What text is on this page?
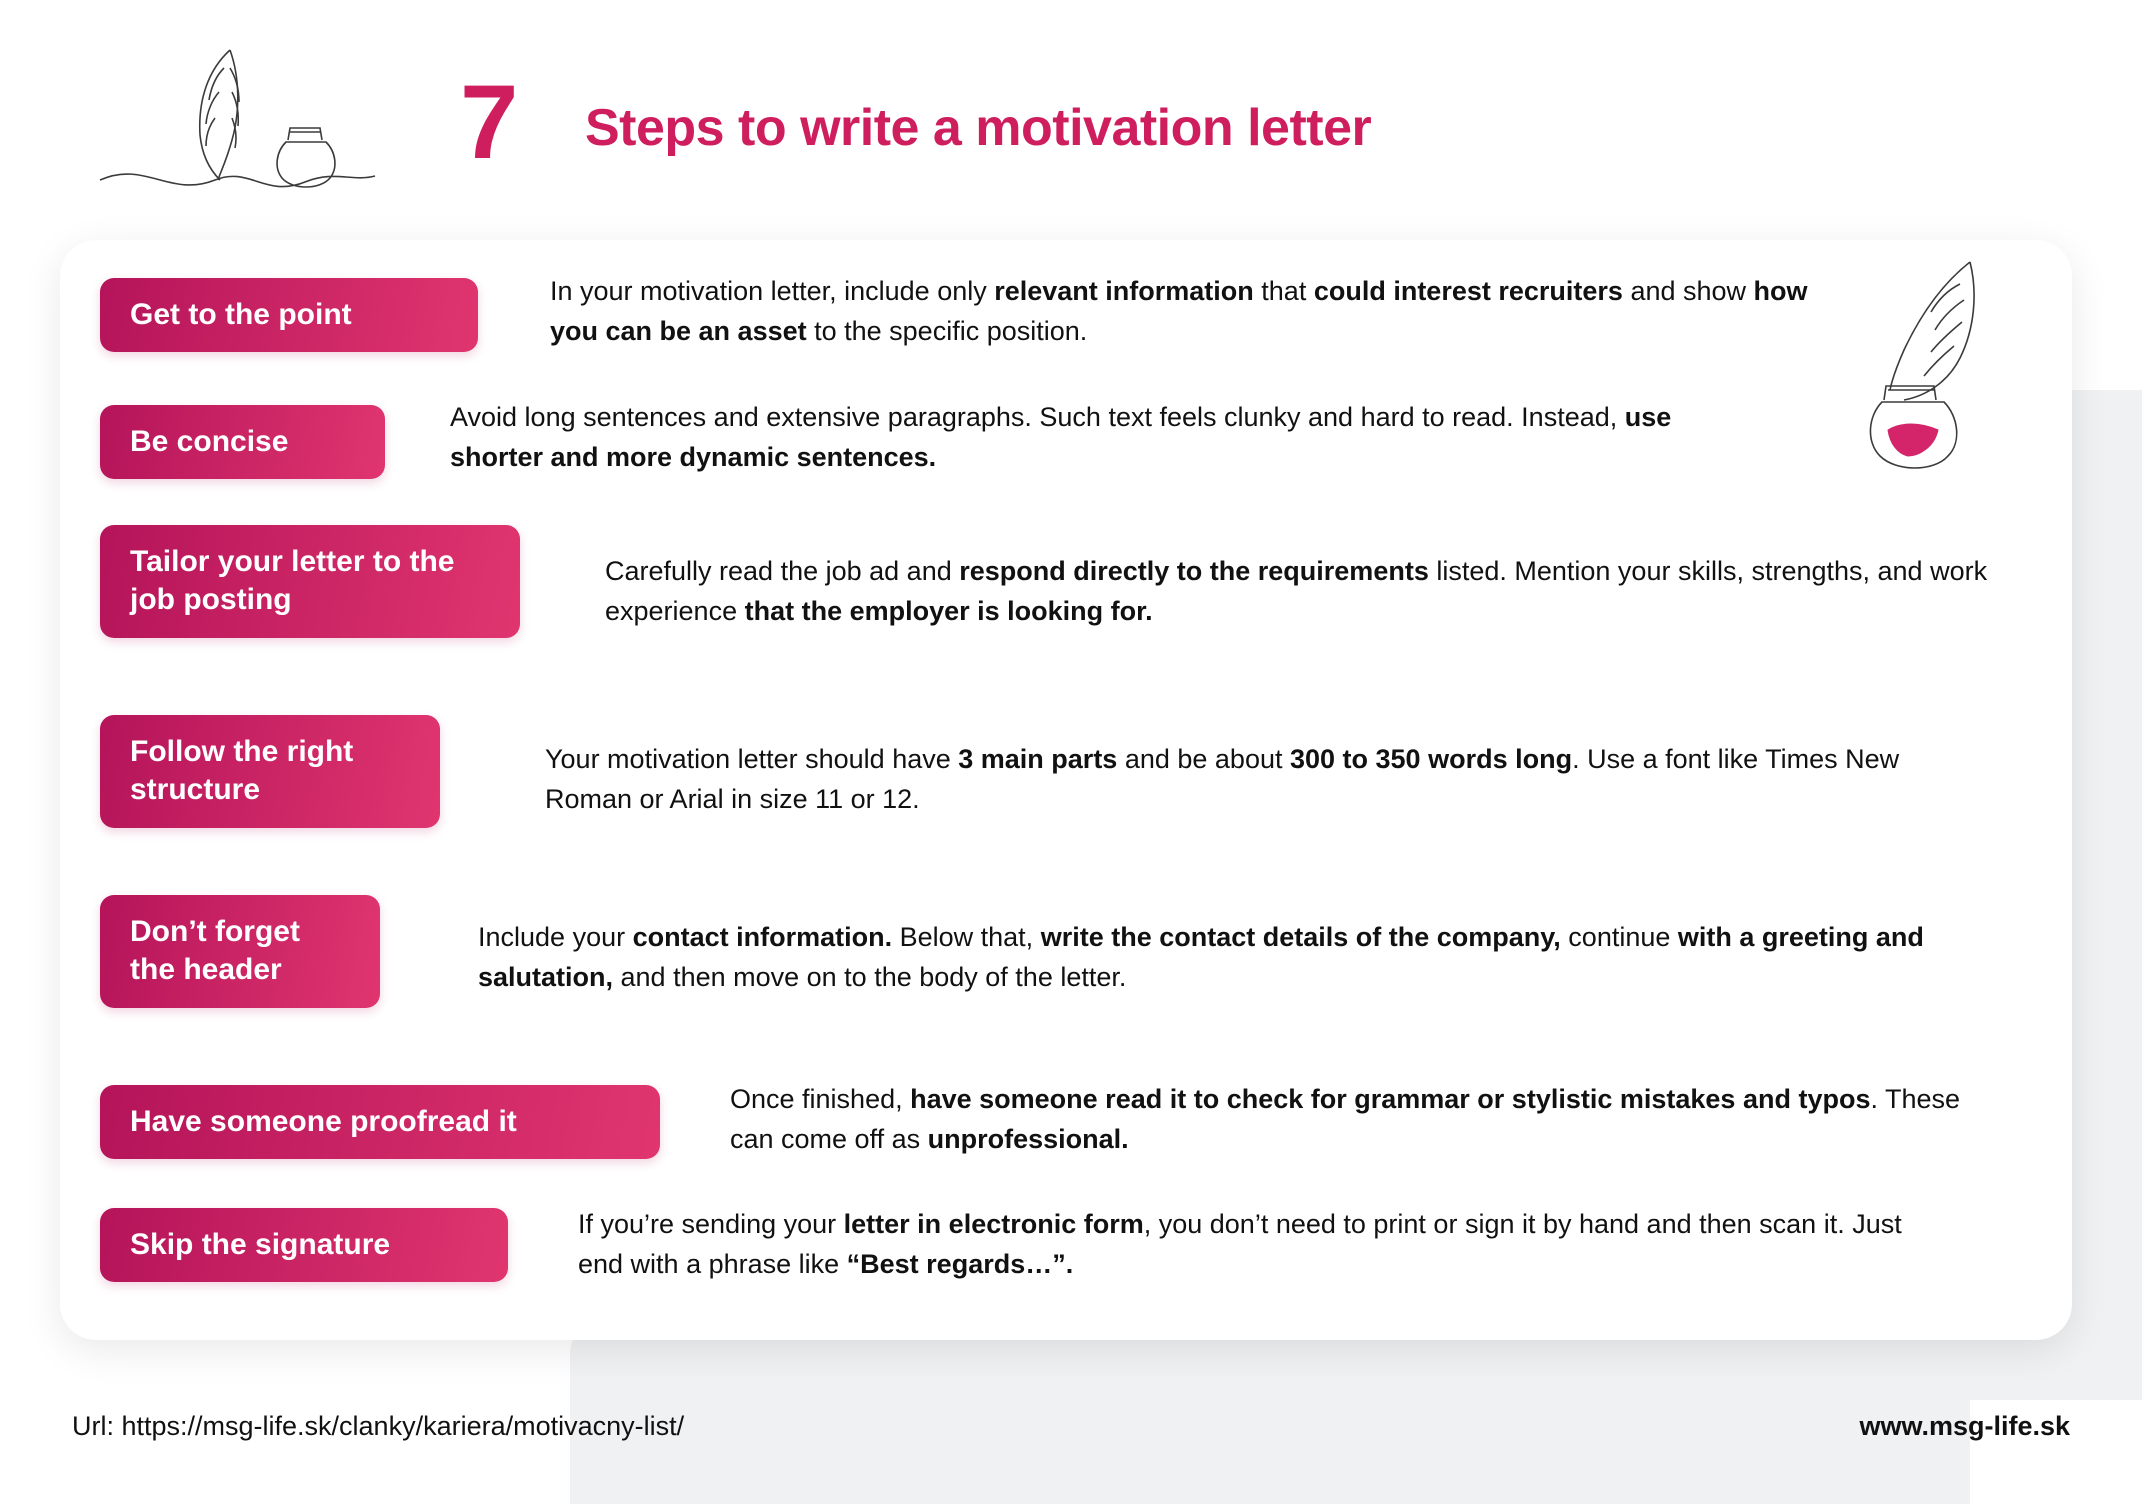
7 Steps to write a motivation letter
Get to the point
In your motivation letter, include only relevant information that could interest recruiters and show how you can be an asset to the specific position.
Be concise
Avoid long sentences and extensive paragraphs. Such text feels clunky and hard to read. Instead, use shorter and more dynamic sentences.
Tailor your letter to the job posting
Carefully read the job ad and respond directly to the requirements listed. Mention your skills, strengths, and work experience that the employer is looking for.
Follow the right structure
Your motivation letter should have 3 main parts and be about 300 to 350 words long. Use a font like Times New Roman or Arial in size 11 or 12.
Don’t forget the header
Include your contact information. Below that, write the contact details of the company, continue with a greeting and salutation, and then move on to the body of the letter.
Have someone proofread it
Once finished, have someone read it to check for grammar or stylistic mistakes and typos. These can come off as unprofessional.
Skip the signature
If you’re sending your letter in electronic form, you don’t need to print or sign it by hand and then scan it. Just end with a phrase like “Best regards…”.
Url: https://msg-life.sk/clanky/kariera/motivacny-list/	www.msg-life.sk
